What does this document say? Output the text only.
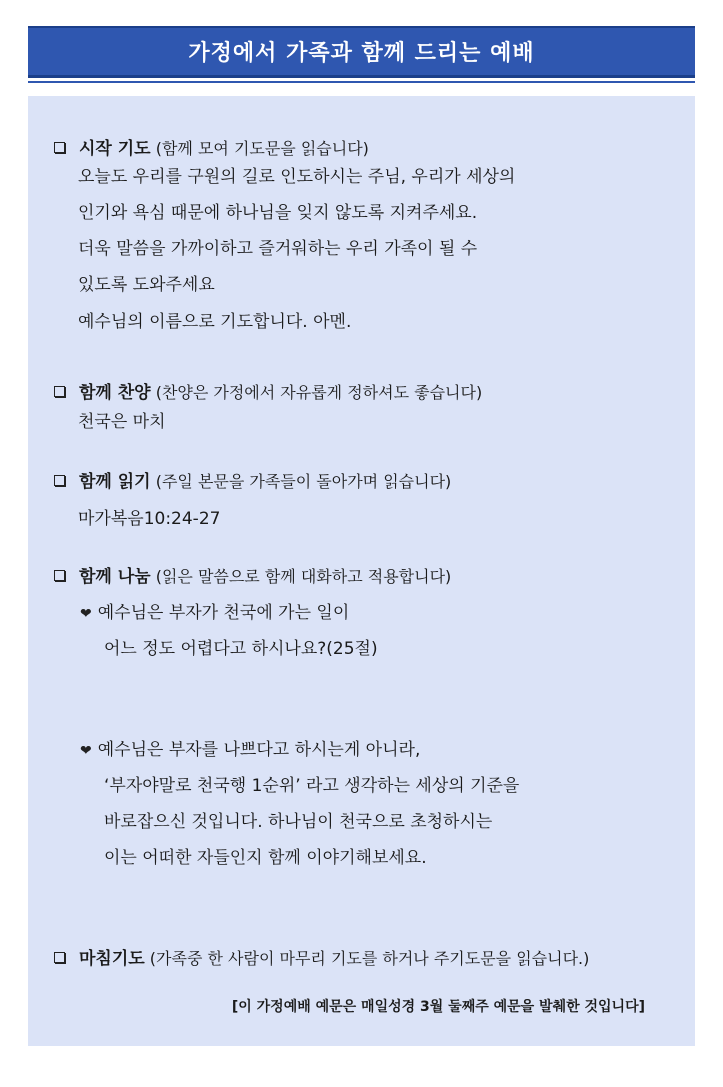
가정에서 가족과 함께 드리는 예배
시작 기도 (함께 모여 기도문을 읽습니다)
오늘도 우리를 구원의 길로 인도하시는 주님, 우리가 세상의
인기와 욕심 때문에 하나님을 잊지 않도록 지켜주세요.
더욱 말씀을 가까이하고 즐거워하는 우리 가족이 될 수
있도록 도와주세요
예수님의 이름으로 기도합니다. 아멘.
함께 찬양 (찬양은 가정에서 자유롭게 정하셔도 좋습니다)
천국은 마치
함께 읽기 (주일 본문을 가족들이 돌아가며 읽습니다)
마가복음10:24-27
함께 나눔 (읽은 말씀으로 함께 대화하고 적용합니다)
❤ 예수님은 부자가 천국에 가는 일이
어느 정도 어렵다고 하시나요?(25절)
❤ 예수님은 부자를 나쁘다고 하시는게 아니라,
‘부자야말로 천국행 1순위’ 라고 생각하는 세상의 기준을
바로잡으신 것입니다. 하나님이 천국으로 초청하시는
이는 어떠한 자들인지 함께 이야기해보세요.
마침기도 (가족중 한 사람이 마무리 기도를 하거나 주기도문을 읽습니다.)
[이 가정예배 예문은 매일성경 3월 둘째주 예문을 발췌한 것입니다]
